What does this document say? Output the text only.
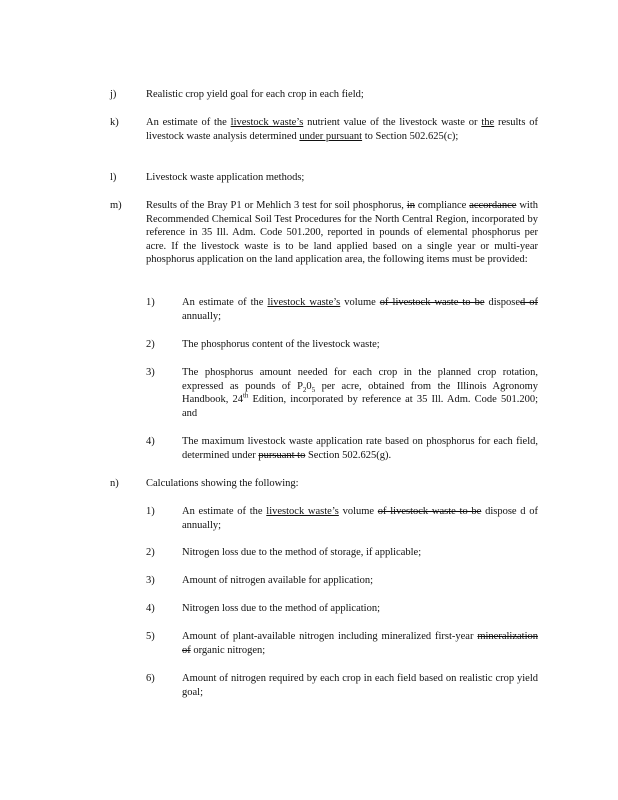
j)	Realistic crop yield goal for each crop in each field;
k)	An estimate of the livestock waste’s nutrient value of the livestock waste or the results of livestock waste analysis determined under pursuant to Section 502.625(c);
l)	Livestock waste application methods;
m) Results of the Bray P1 or Mehlich 3 test for soil phosphorus, in compliance accordance with Recommended Chemical Soil Test Procedures for the North Central Region, incorporated by reference in 35 Ill. Adm. Code 501.200, reported in pounds of elemental phosphorus per acre. If the livestock waste is to be land applied based on a single year or multi-year phosphorus application on the land application area, the following items must be provided:
1)	An estimate of the livestock waste’s volume of livestock waste to be disposed of annually;
2)	The phosphorus content of the livestock waste;
3)	The phosphorus amount needed for each crop in the planned crop rotation, expressed as pounds of $P_20_5$ per acre, obtained from the Illinois Agronomy Handbook, 24th Edition, incorporated by reference at 35 Ill. Adm. Code 501.200; and
4)	The maximum livestock waste application rate based on phosphorus for each field, determined under pursuant to Section 502.625(g).
n)	Calculations showing the following:
1)	An estimate of the livestock waste’s volume of livestock waste to be dispose d of annually;
2)	Nitrogen loss due to the method of storage, if applicable;
3)	Amount of nitrogen available for application;
4)	Nitrogen loss due to the method of application;
5)	Amount of plant-available nitrogen including mineralized first-year mineralization of organic nitrogen;
6)	Amount of nitrogen required by each crop in each field based on realistic crop yield goal;
